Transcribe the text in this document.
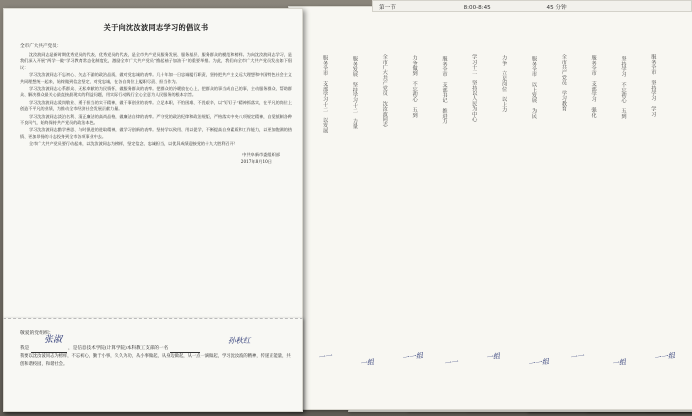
服务全市　支部学习十二　以发展	服务发展　坚持学习十二　力量	全市广大共产党员　沈汝波同志	力争做到　不忘初心　五到	服务全市　支部书记　推进力	学习十二　坚持以人民为中心	力争　立足岗位　以上力	服务全市　以上发展　为民	全市共产党员　学习教育	服务全市　支部学习　强化	坚持学习　不忘初心　五到	服务全市　坚持学习　学习
一一
一组
一一组
一一
一组
一一组
一一
一组
一一组
第一节	8:00-8:45	45 分钟
关于向沈汝波同志学习的倡议书
全市广大共产党员：
沈汝波同志是新时期优秀党员的代表、优秀党员的代表，是全市共产党员服务发展、服务基层、服务群众的模范和榜样。为向沈汝波同志学习，是我们深入开展“两学一做”学习教育常态化制度化，激励全市广大共产党员“撸起袖子加油干”的重要举措。为此，我们向全市广大共产党员发出如下倡议：
学习沈汝波同志不忘初心、矢志不渝的政治品质，做对党忠诚的表率。几十年如一日忠诚履行职责，坚持把共产主义远大理想和中国特色社会主义共同理想统一起来，始终做到信念坚定、对党忠诚，在各自岗位上履职尽责、担当作为。
学习沈汝波同志心系群众、无私奉献的为民情怀，做服务群众的表率。把群众的冷暖放在心上，把群众的事当成自己的事，主动服务群众、帮助群众、解决群众最关心最直接最现实的利益问题，用实际行动践行全心全意为人民服务的根本宗旨。
学习沈汝波同志爱岗敬业、勇于担当的实干精神，做干事创业的表率。立足本职，不怕困难、不畏艰辛，以“钉钉子”精神抓落实，在平凡的岗位上创造不平凡的业绩，为推动全市经济社会发展贡献力量。
学习沈汝波同志淡泊名利、清正廉洁的高尚品格，做廉洁自律的表率。严守党的政治纪律和政治规矩，严格落实中央八项规定精神，自觉抵制各种不良风气，始终保持共产党员的政治本色。
学习沈汝波同志勤学善思、与时俱进的进取精神，做学习创新的表率。坚持学以致用、用以促学，不断提高自身素质和工作能力，以更加饱满的热情、更加昂扬的斗志投身到全市各项事业中去。
全市广大共产党员要行动起来，以沈汝波同志为榜样，坚定信念、忠诚担当，以优异成绩迎接党的十九大胜利召开！
中共阜新市委组织部
2017年8月10日
敬爱的党组织：
我是
张淑
，是信息技术学院(计算学院)本科教工支部的一名
孙秋红
我要以沈汝波同志为榜样，不忘初心，勤于小事，久久为功，从小事做起，从身边做起，从一点一滴做起，学习沈汝波的精神，传递正能量，共创和谐校园，和谐社会。
